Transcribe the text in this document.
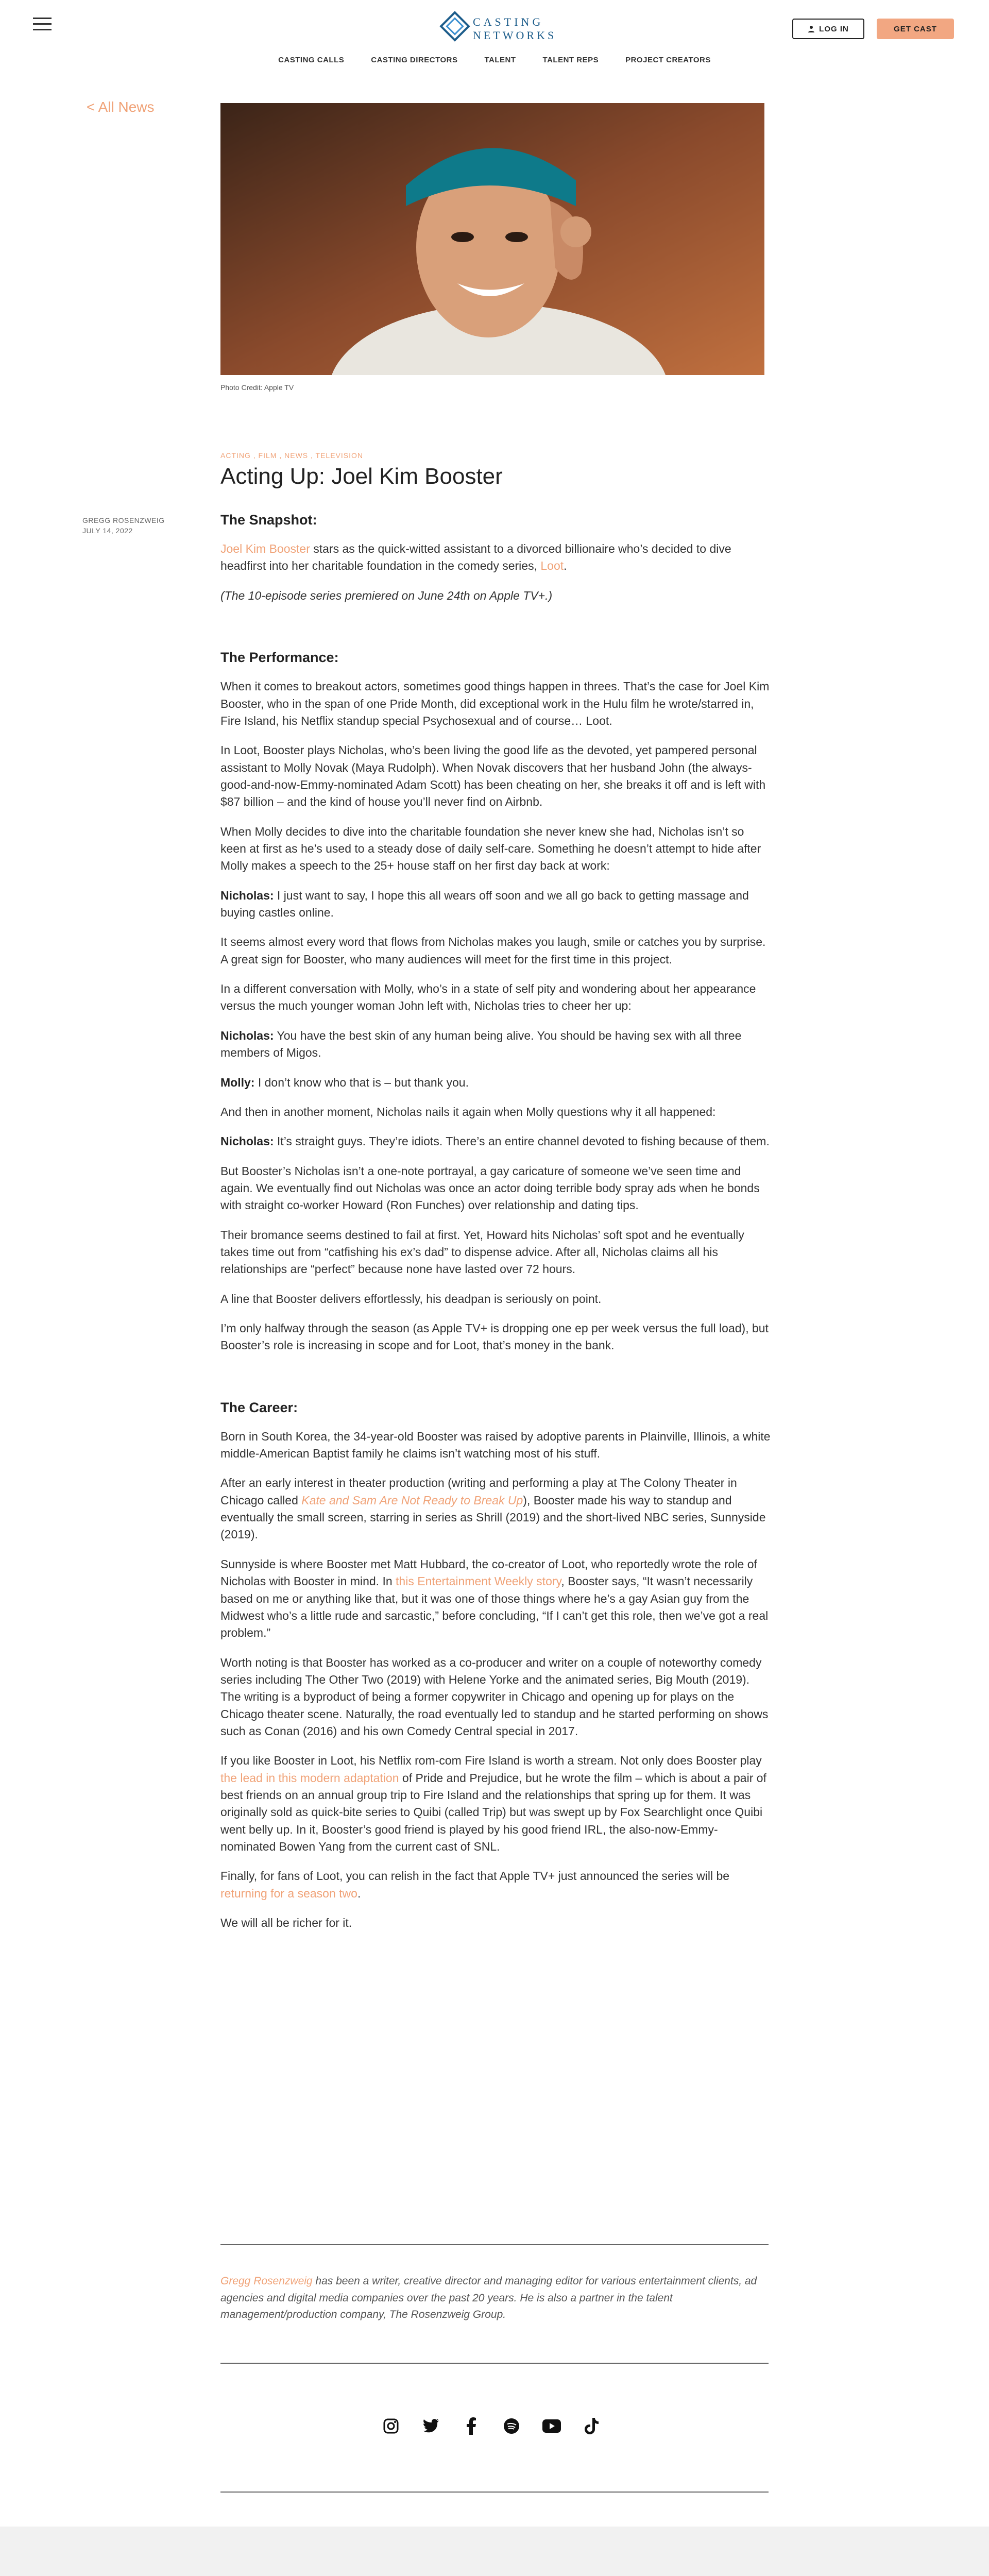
CASTING
NETWORKS	LOG IN	GET CAST
CASTING CALLS	CASTING DIRECTORS	TALENT	TALENT REPS	PROJECT CREATORS
< All News
Photo Credit: Apple TV
GREGG ROSENZWEIG
JULY 14, 2022
ACTING , FILM , NEWS , TELEVISION
Acting Up: Joel Kim Booster
The Snapshot:

Joel Kim Booster stars as the quick-witted assistant to a divorced billionaire who’s decided to dive headfirst into her charitable foundation in the comedy series, Loot.

(The 10-episode series premiered on June 24th on Apple TV+.)

The Performance:

When it comes to breakout actors, sometimes good things happen in threes. That’s the case for Joel Kim Booster, who in the span of one Pride Month, did exceptional work in the Hulu film he wrote/starred in, Fire Island, his Netflix standup special Psychosexual and of course… Loot.

In Loot, Booster plays Nicholas, who’s been living the good life as the devoted, yet pampered personal assistant to Molly Novak (Maya Rudolph). When Novak discovers that her husband John (the always-good-and-now-Emmy-nominated Adam Scott) has been cheating on her, she breaks it off and is left with $87 billion – and the kind of house you’ll never find on Airbnb.

When Molly decides to dive into the charitable foundation she never knew she had, Nicholas isn’t so keen at first as he’s used to a steady dose of daily self-care. Something he doesn’t attempt to hide after Molly makes a speech to the 25+ house staff on her first day back at work:

Nicholas: I just want to say, I hope this all wears off soon and we all go back to getting massage and buying castles online.

It seems almost every word that flows from Nicholas makes you laugh, smile or catches you by surprise. A great sign for Booster, who many audiences will meet for the first time in this project.

In a different conversation with Molly, who’s in a state of self pity and wondering about her appearance versus the much younger woman John left with, Nicholas tries to cheer her up:

Nicholas: You have the best skin of any human being alive. You should be having sex with all three members of Migos.

Molly: I don’t know who that is – but thank you.

And then in another moment, Nicholas nails it again when Molly questions why it all happened:

Nicholas: It’s straight guys. They’re idiots. There’s an entire channel devoted to fishing because of them.

But Booster’s Nicholas isn’t a one-note portrayal, a gay caricature of someone we’ve seen time and again. We eventually find out Nicholas was once an actor doing terrible body spray ads when he bonds with straight co-worker Howard (Ron Funches) over relationship and dating tips.

Their bromance seems destined to fail at first. Yet, Howard hits Nicholas’ soft spot and he eventually takes time out from “catfishing his ex’s dad” to dispense advice. After all, Nicholas claims all his relationships are “perfect” because none have lasted over 72 hours.

A line that Booster delivers effortlessly, his deadpan is seriously on point.

I’m only halfway through the season (as Apple TV+ is dropping one ep per week versus the full load), but Booster’s role is increasing in scope and for Loot, that’s money in the bank.

The Career:

Born in South Korea, the 34-year-old Booster was raised by adoptive parents in Plainville, Illinois, a white middle-American Baptist family he claims isn’t watching most of his stuff.

After an early interest in theater production (writing and performing a play at The Colony Theater in Chicago called Kate and Sam Are Not Ready to Break Up), Booster made his way to standup and eventually the small screen, starring in series as Shrill (2019) and the short-lived NBC series, Sunnyside (2019).

Sunnyside is where Booster met Matt Hubbard, the co-creator of Loot, who reportedly wrote the role of Nicholas with Booster in mind. In this Entertainment Weekly story, Booster says, “It wasn’t necessarily based on me or anything like that, but it was one of those things where he’s a gay Asian guy from the Midwest who’s a little rude and sarcastic,” before concluding, “If I can’t get this role, then we’ve got a real problem.”

Worth noting is that Booster has worked as a co-producer and writer on a couple of noteworthy comedy series including The Other Two (2019) with Helene Yorke and the animated series, Big Mouth (2019). The writing is a byproduct of being a former copywriter in Chicago and opening up for plays on the Chicago theater scene. Naturally, the road eventually led to standup and he started performing on shows such as Conan (2016) and his own Comedy Central special in 2017.

If you like Booster in Loot, his Netflix rom-com Fire Island is worth a stream. Not only does Booster play the lead in this modern adaptation of Pride and Prejudice, but he wrote the film – which is about a pair of best friends on an annual group trip to Fire Island and the relationships that spring up for them. It was originally sold as quick-bite series to Quibi (called Trip) but was swept up by Fox Searchlight once Quibi went belly up. In it, Booster’s good friend is played by his good friend IRL, the also-now-Emmy-nominated Bowen Yang from the current cast of SNL.

Finally, for fans of Loot, you can relish in the fact that Apple TV+ just announced the series will be returning for a season two.

We will all be richer for it.

Gregg Rosenzweig has been a writer, creative director and managing editor for various entertainment clients, ad agencies and digital media companies over the past 20 years. He is also a partner in the talent management/production company, The Rosenzweig Group.
